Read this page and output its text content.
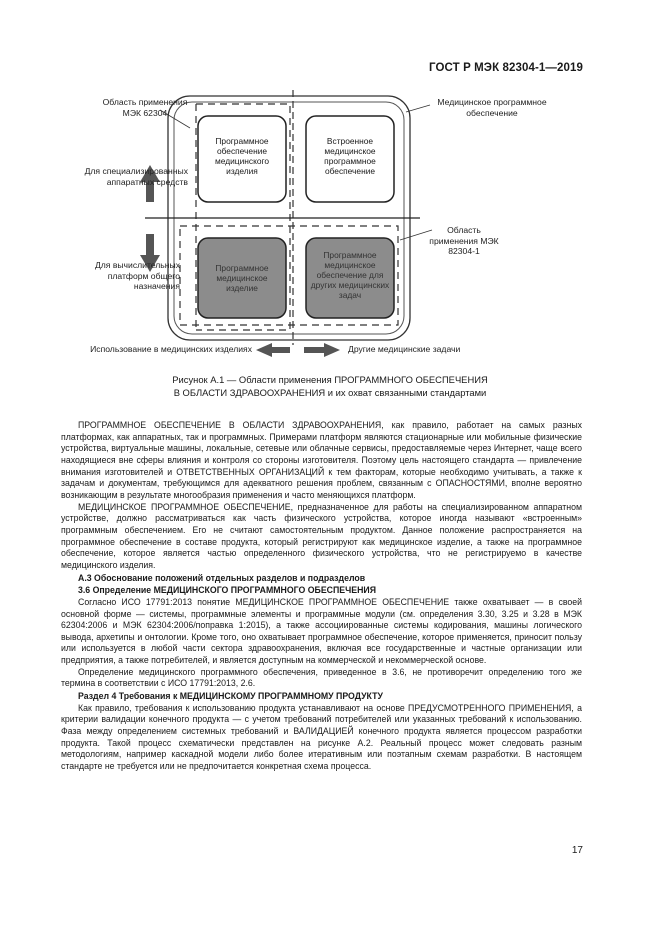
ГОСТ Р МЭК 82304-1—2019
Область применения МЭК 62304
Медицинское программное обеспечение
Для специализированных аппаратных средств
Для вычислительных платформ общего назначения
Область применения МЭК 82304-1
Программное обеспечение медицинского изделия
Встроенное медицинское программное обеспечение
Программное медицинское изделие
Программное медицинское обеспечение для других медицинских задач
Использование в медицинских изделиях	Другие медицинские задачи
Рисунок А.1 — Области применения ПРОГРАММНОГО ОБЕСПЕЧЕНИЯ
В ОБЛАСТИ ЗДРАВООХРАНЕНИЯ и их охват связанными стандартами

ПРОГРАММНОЕ ОБЕСПЕЧЕНИЕ В ОБЛАСТИ ЗДРАВООХРАНЕНИЯ, как правило, работает на самых разных платформах, как аппаратных, так и программных. Примерами платформ являются стационарные или мобильные физические устройства, виртуальные машины, локальные, сетевые или облачные сервисы, предоставляемые через Интернет, чаще всего находящиеся вне сферы влияния и контроля со стороны изготовителя. Поэтому цель настоящего стандарта — привлечение внимания изготовителей и ОТВЕТСТВЕННЫХ ОРГАНИЗАЦИЙ к тем факторам, которые необходимо учитывать, а также к задачам и документам, требующимся для адекватного решения проблем, связанным с ОПАСНОСТЯМИ, вполне вероятно возникающим в результате многообразия применения и часто меняющихся платформ.

МЕДИЦИНСКОЕ ПРОГРАММНОЕ ОБЕСПЕЧЕНИЕ, предназначенное для работы на специализированном аппаратном устройстве, должно рассматриваться как часть физического устройства, которое иногда называют «встроенным» программным обеспечением. Его не считают самостоятельным продуктом. Данное положение распространяется на программное обеспечение в составе продукта, который регистрируют как медицинское изделие, а также на программное обеспечение, которое является частью определенного физического устройства, что не регистрируемо в качестве медицинского изделия.

А.3 Обоснование положений отдельных разделов и подразделов
3.6 Определение МЕДИЦИНСКОГО ПРОГРАММНОГО ОБЕСПЕЧЕНИЯ

Согласно ИСО 17791:2013 понятие МЕДИЦИНСКОЕ ПРОГРАММНОЕ ОБЕСПЕЧЕНИЕ также охватывает — в своей основной форме — системы, программные элементы и программные модули (см. определения 3.30, 3.25 и 3.28 в МЭК 62304:2006 и МЭК 62304:2006/поправка 1:2015), а также ассоциированные системы кодирования, машины логического вывода, архетипы и онтологии. Кроме того, оно охватывает программное обеспечение, которое применяется, приносит пользу или используется в любой части сектора здравоохранения, включая все государственные и частные организации или предприятия, а также потребителей, и является доступным на коммерческой и некоммерческой основе.

Определение медицинского программного обеспечения, приведенное в 3.6, не противоречит определению того же термина в соответствии с ИСО 17791:2013, 2.6.

Раздел 4 Требования к МЕДИЦИНСКОМУ ПРОГРАММНОМУ ПРОДУКТУ

Как правило, требования к использованию продукта устанавливают на основе ПРЕДУСМОТРЕННОГО ПРИМЕНЕНИЯ, а критерии валидации конечного продукта — с учетом требований потребителей или указанных требований к использованию. Фаза между определением системных требований и ВАЛИДАЦИЕЙ конечного продукта является процессом разработки продукта. Такой процесс схематически представлен на рисунке А.2. Реальный процесс может следовать разным методологиям, например каскадной модели либо более итеративным или поэтапным схемам разработки. В настоящем стандарте не требуется или не предпочитается конкретная схема процесса.

17
